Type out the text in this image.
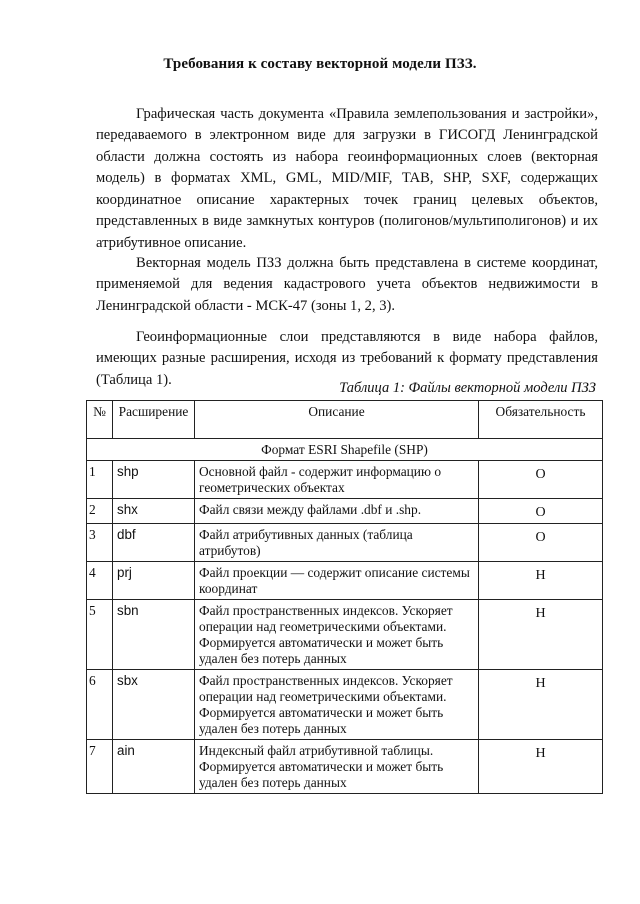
Требования к составу векторной модели ПЗЗ.

Графическая часть документа «Правила землепользования и застройки», передаваемого в электронном виде для загрузки в ГИСОГД Ленинградской области должна состоять из набора геоинформационных слоев (векторная модель) в форматах XML, GML, MID/MIF, TAB, SHP, SXF, содержащих координатное описание характерных точек границ целевых объектов, представленных в виде замкнутых контуров (полигонов/мультиполигонов) и их атрибутивное описание.

Векторная модель ПЗЗ должна быть представлена в системе координат, применяемой для ведения кадастрового учета объектов недвижимости в Ленинградской области - МСК-47 (зоны 1, 2, 3).

Геоинформационные слои представляются в виде набора файлов, имеющих разные расширения, исходя из требований к формату представления (Таблица 1).

Таблица 1: Файлы векторной модели ПЗЗ
№	Расширение	Описание	Обязательность
Формат ESRI Shapefile (SHP)			
1	shp	Основной файл - содержит информацию о геометрических объектах	О
2	shx	Файл связи между файлами .dbf и .shp.	О
3	dbf	Файл атрибутивных данных (таблица атрибутов)	О
4	prj	Файл проекции — содержит описание системы координат	Н
5	sbn	Файл пространственных индексов. Ускоряет операции над геометрическими объектами. Формируется автоматически и может быть удален без потерь данных	Н
6	sbx	Файл пространственных индексов. Ускоряет операции над геометрическими объектами. Формируется автоматически и может быть удален без потерь данных	Н
7	ain	Индексный файл атрибутивной таблицы. Формируется автоматически и может быть удален без потерь данных	Н
